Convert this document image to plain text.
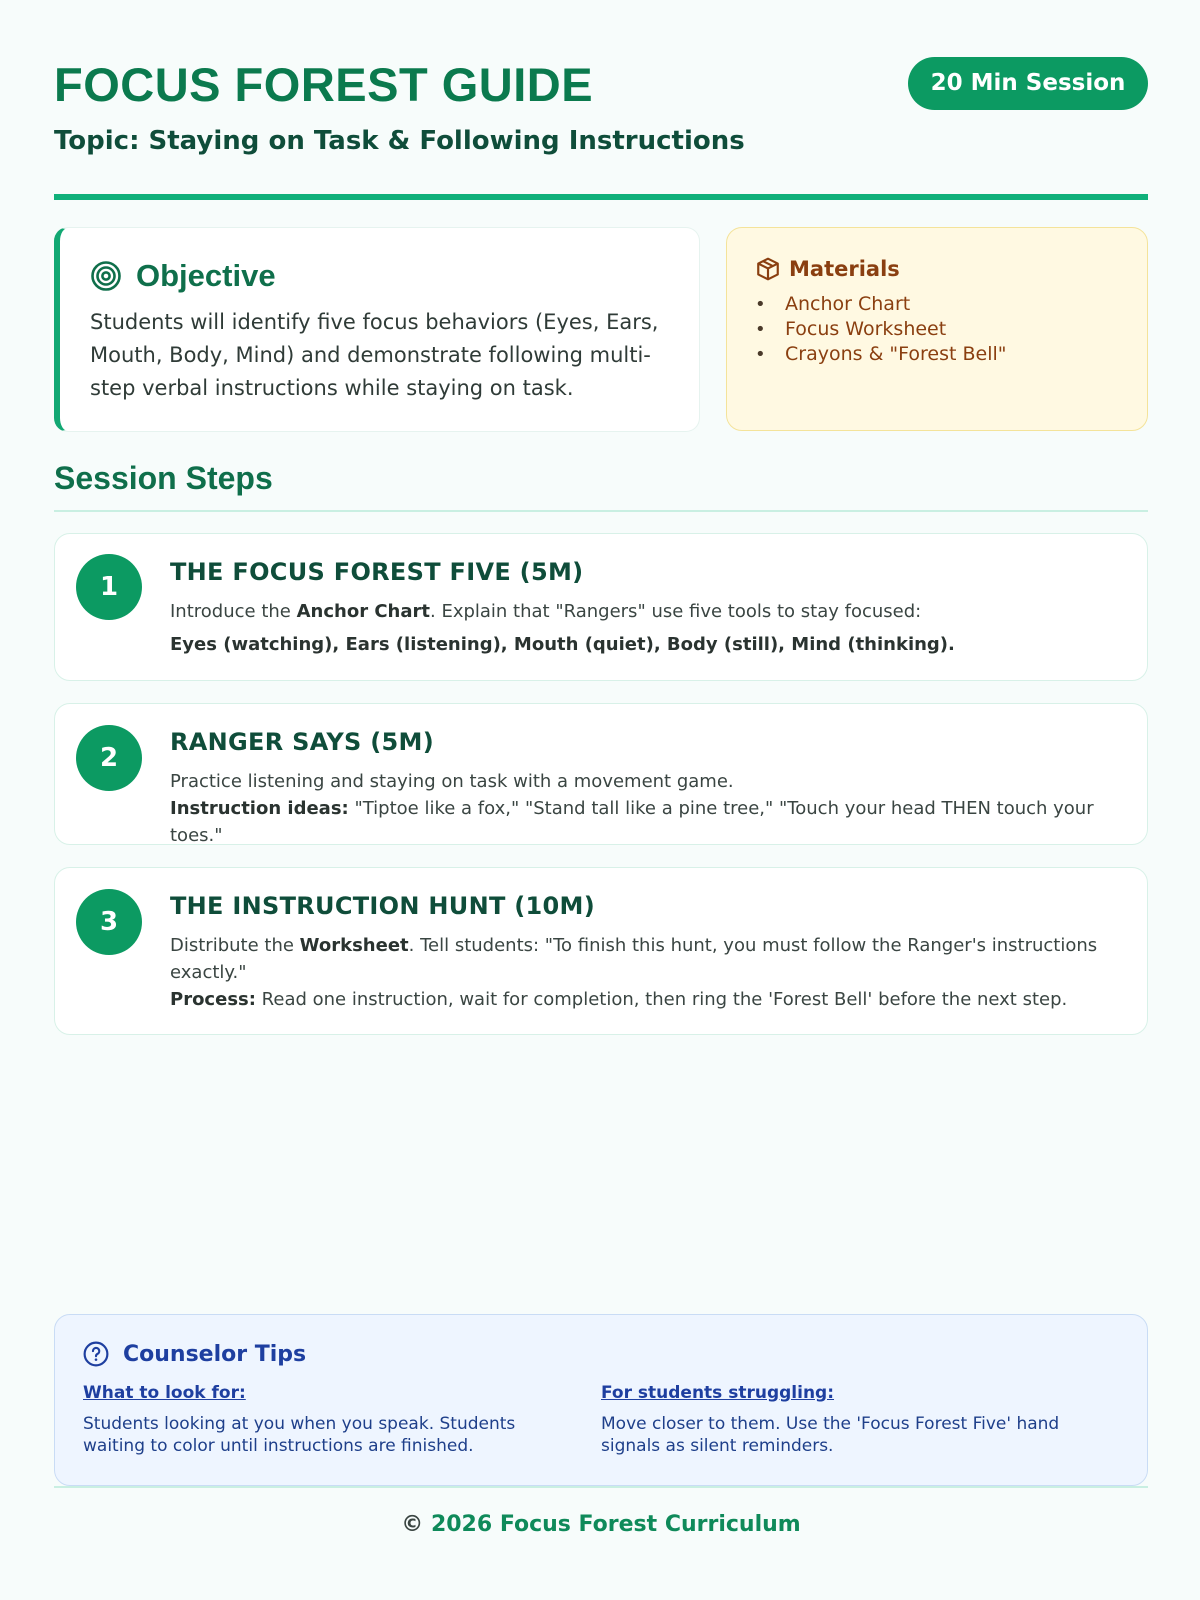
FOCUS FOREST GUIDE	20 Min Session
Topic: Staying on Task & Following Instructions
Objective
Students will identify five focus behaviors (Eyes, Ears, Mouth, Body, Mind) and demonstrate following multi-step verbal instructions while staying on task.
Materials
• Anchor Chart
• Focus Worksheet
• Crayons & "Forest Bell"
Session Steps
1	THE FOCUS FOREST FIVE (5M)
Introduce the Anchor Chart. Explain that "Rangers" use five tools to stay focused:
Eyes (watching), Ears (listening), Mouth (quiet), Body (still), Mind (thinking).
2
RANGER SAYS (5M)
Practice listening and staying on task with a movement game.
Instruction ideas: "Tiptoe like a fox," "Stand tall like a pine tree," "Touch your head THEN touch your toes."
3
THE INSTRUCTION HUNT (10M)
Distribute the Worksheet. Tell students: "To finish this hunt, you must follow the Ranger's instructions exactly."
Process: Read one instruction, wait for completion, then ring the 'Forest Bell' before the next step.
Counselor Tips
What to look for:
Students looking at you when you speak. Students waiting to color until instructions are finished.
For students struggling:
Move closer to them. Use the 'Focus Forest Five' hand signals as silent reminders.
© 2026 Focus Forest Curriculum
